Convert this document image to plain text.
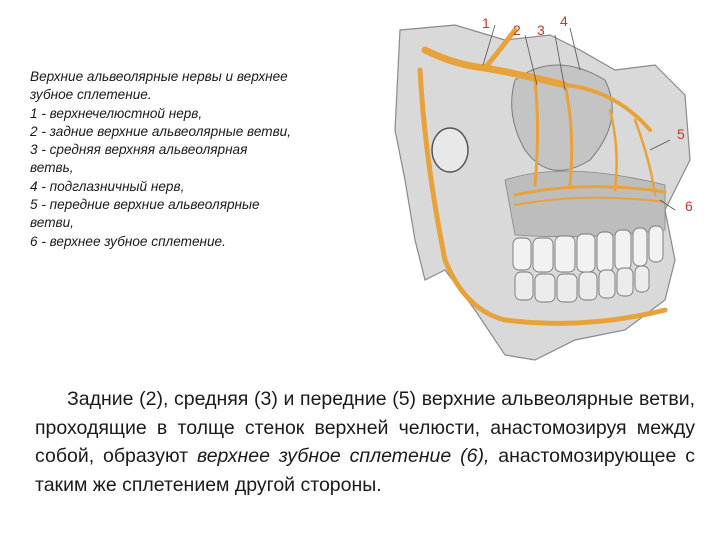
Верхние альвеолярные нервы и верхнее
зубное сплетение.
1 - верхнечелюстной нерв,
2 - задние верхние альвеолярные ветви,
3 - средняя верхняя альвеолярная
ветвь,
4 - подглазничный нерв,
5 - передние верхние альвеолярные
ветви,
6 - верхнее зубное сплетение.
1 2 3
4
5
6
Задние (2), средняя (3) и передние (5) верхние альвеолярные ветви, проходящие в толще стенок верхней челюсти, анастомозируя между собой, образуют верхнее зубное сплетение (6), анастомозирующее с таким же сплетением другой стороны.
